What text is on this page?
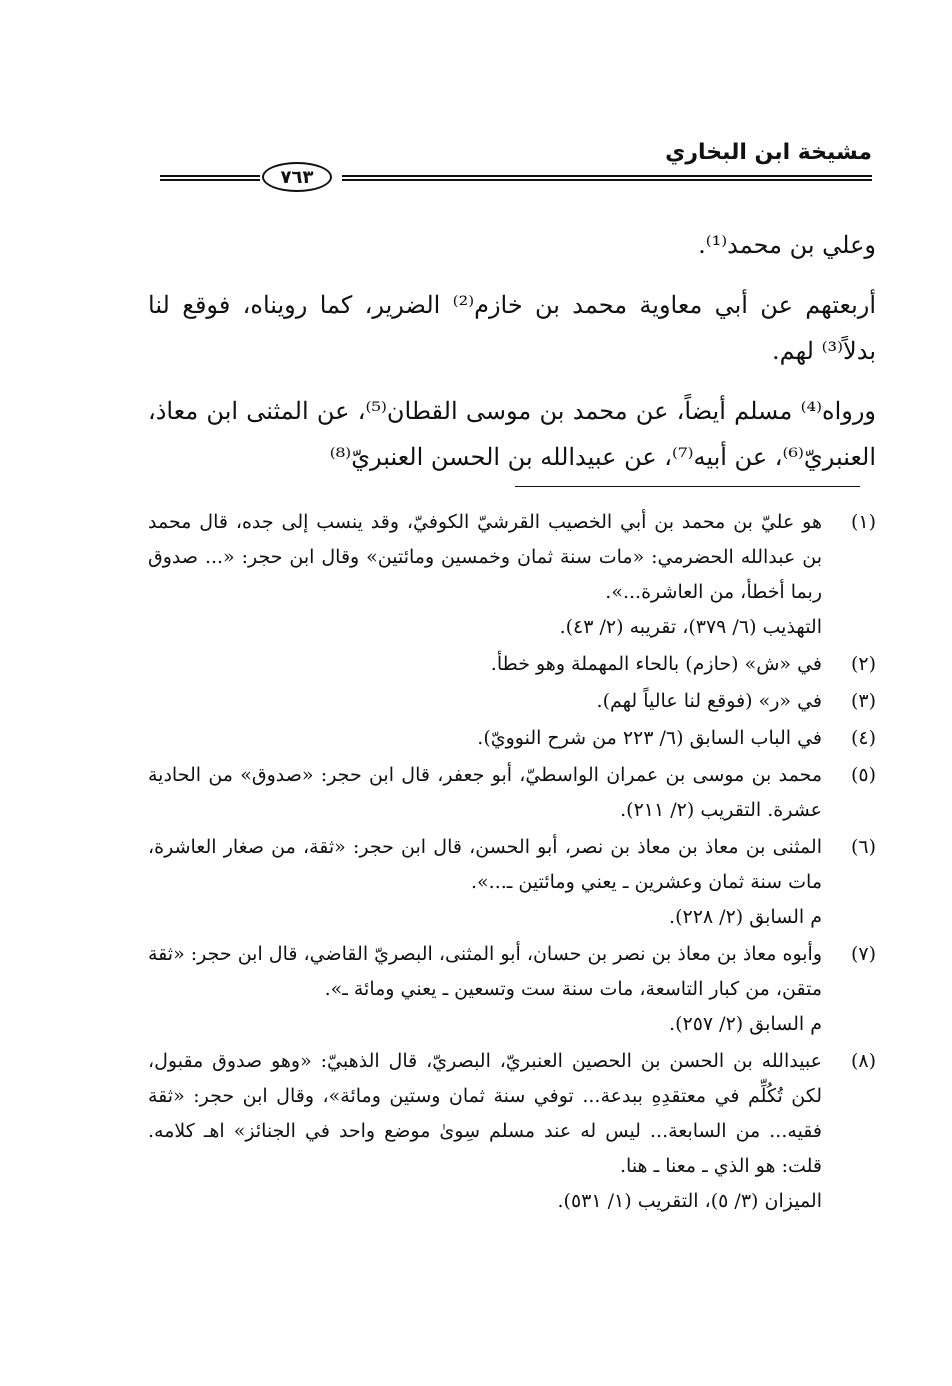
مشيخة ابن البخاري
٧٦٣

وعلي بن محمد⁽¹⁾.

أربعتهم عن أبي معاوية محمد بن خازم⁽²⁾ الضرير، كما رويناه، فوقع لنا بدلاً⁽³⁾ لهم.

ورواه⁽⁴⁾ مسلم أيضاً، عن محمد بن موسى القطان⁽⁵⁾، عن المثنى ابن معاذ، العنبريّ⁽⁶⁾، عن أبيه⁽⁷⁾، عن عبيدالله بن الحسن العنبريّ⁽⁸⁾

(١)
هو عليّ بن محمد بن أبي الخصيب القرشيّ الكوفيّ، وقد ينسب إلى جده، قال محمد بن عبدالله الحضرمي: «مات سنة ثمان وخمسين ومائتين» وقال ابن حجر: «... صدوق ربما أخطأ، من العاشرة...».
التهذيب (٦/ ٣٧٩)، تقريبه (٢/ ٤٣).
(٢)
في «ش» (حازم) بالحاء المهملة وهو خطأ.
(٣)
في «ر» (فوقع لنا عالياً لهم).
(٤)
في الباب السابق (٦/ ٢٢٣ من شرح النوويّ).
(٥)
محمد بن موسى بن عمران الواسطيّ، أبو جعفر، قال ابن حجر: «صدوق» من الحادية عشرة. التقريب (٢/ ٢١١).
(٦)
المثنى بن معاذ بن معاذ بن نصر، أبو الحسن، قال ابن حجر: «ثقة، من صغار العاشرة، مات سنة ثمان وعشرين ـ يعني ومائتين ـ...».
م السابق (٢/ ٢٢٨).
(٧)
وأبوه معاذ بن معاذ بن نصر بن حسان، أبو المثنى، البصريّ القاضي، قال ابن حجر: «ثقة متقن، من كبار التاسعة، مات سنة ست وتسعين ـ يعني ومائة ـ».
م السابق (٢/ ٢٥٧).
(٨)
عبيدالله بن الحسن بن الحصين العنبريّ، البصريّ، قال الذهبيّ: «وهو صدوق مقبول، لكن تُكُلِّم في معتقدِهِ ببدعة... توفي سنة ثمان وستين ومائة»، وقال ابن حجر: «ثقة فقيه... من السابعة... ليس له عند مسلم سِوىٰ موضع واحد في الجنائز» اهـ كلامه. قلت: هو الذي ـ معنا ـ هنا.
الميزان (٣/ ٥)، التقريب (١/ ٥٣١).
